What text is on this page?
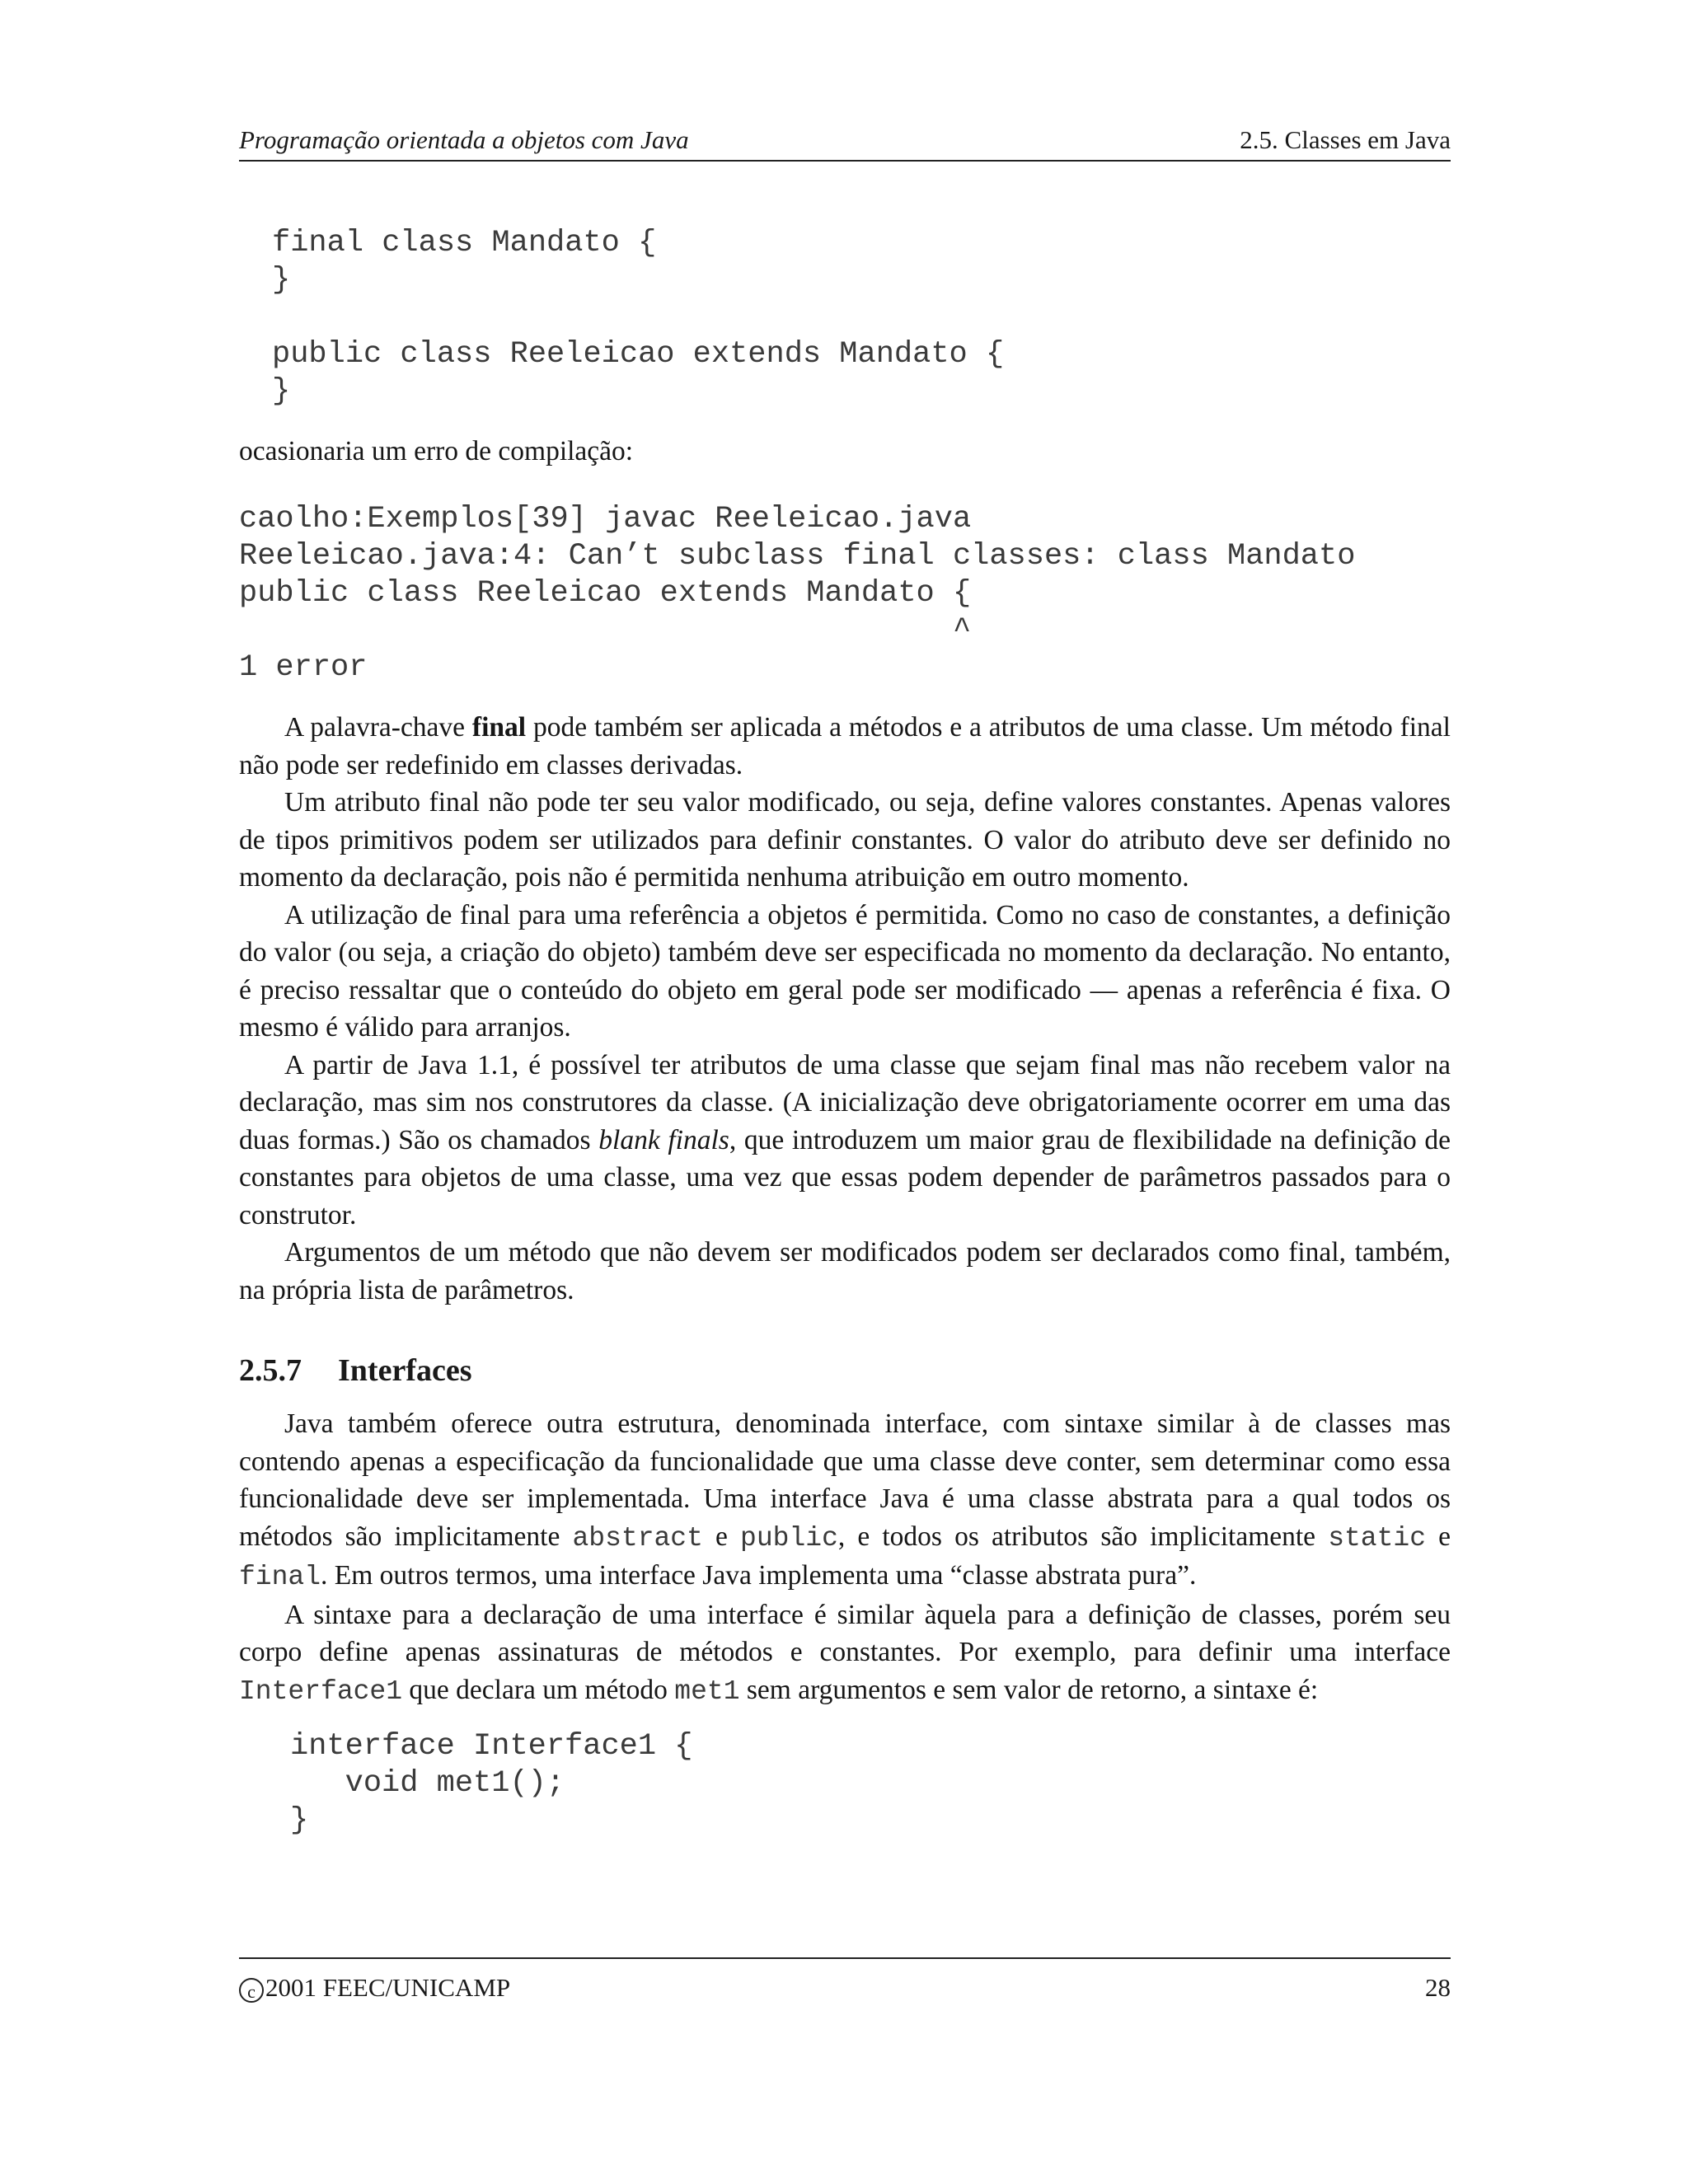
Programação orientada a objetos com Java	2.5. Classes em Java
final class Mandato {
}

public class Reeleicao extends Mandato {
}

ocasionaria um erro de compilação:

caolho:Exemplos[39] javac Reeleicao.java
Reeleicao.java:4: Can’t subclass final classes: class Mandato
public class Reeleicao extends Mandato {
^
1 error

A palavra-chave final pode também ser aplicada a métodos e a atributos de uma classe. Um método final não pode ser redefinido em classes derivadas.

Um atributo final não pode ter seu valor modificado, ou seja, define valores constantes. Apenas valores de tipos primitivos podem ser utilizados para definir constantes. O valor do atributo deve ser definido no momento da declaração, pois não é permitida nenhuma atribuição em outro momento.

A utilização de final para uma referência a objetos é permitida. Como no caso de constantes, a definição do valor (ou seja, a criação do objeto) também deve ser especificada no momento da declaração. No entanto, é preciso ressaltar que o conteúdo do objeto em geral pode ser modificado — apenas a referência é fixa. O mesmo é válido para arranjos.

A partir de Java 1.1, é possível ter atributos de uma classe que sejam final mas não recebem valor na declaração, mas sim nos construtores da classe. (A inicialização deve obrigatoriamente ocorrer em uma das duas formas.) São os chamados blank finals, que introduzem um maior grau de flexibilidade na definição de constantes para objetos de uma classe, uma vez que essas podem depender de parâmetros passados para o construtor.

Argumentos de um método que não devem ser modificados podem ser declarados como final, também, na própria lista de parâmetros.

2.5.7 Interfaces

Java também oferece outra estrutura, denominada interface, com sintaxe similar à de classes mas contendo apenas a especificação da funcionalidade que uma classe deve conter, sem determinar como essa funcionalidade deve ser implementada. Uma interface Java é uma classe abstrata para a qual todos os métodos são implicitamente abstract e public, e todos os atributos são implicitamente static e final. Em outros termos, uma interface Java implementa uma “classe abstrata pura”.

A sintaxe para a declaração de uma interface é similar àquela para a definição de classes, porém seu corpo define apenas assinaturas de métodos e constantes. Por exemplo, para definir uma interface Interface1 que declara um método met1 sem argumentos e sem valor de retorno, a sintaxe é:

interface Interface1 {
void met1();
}
c 2001 FEEC/UNICAMP	28
